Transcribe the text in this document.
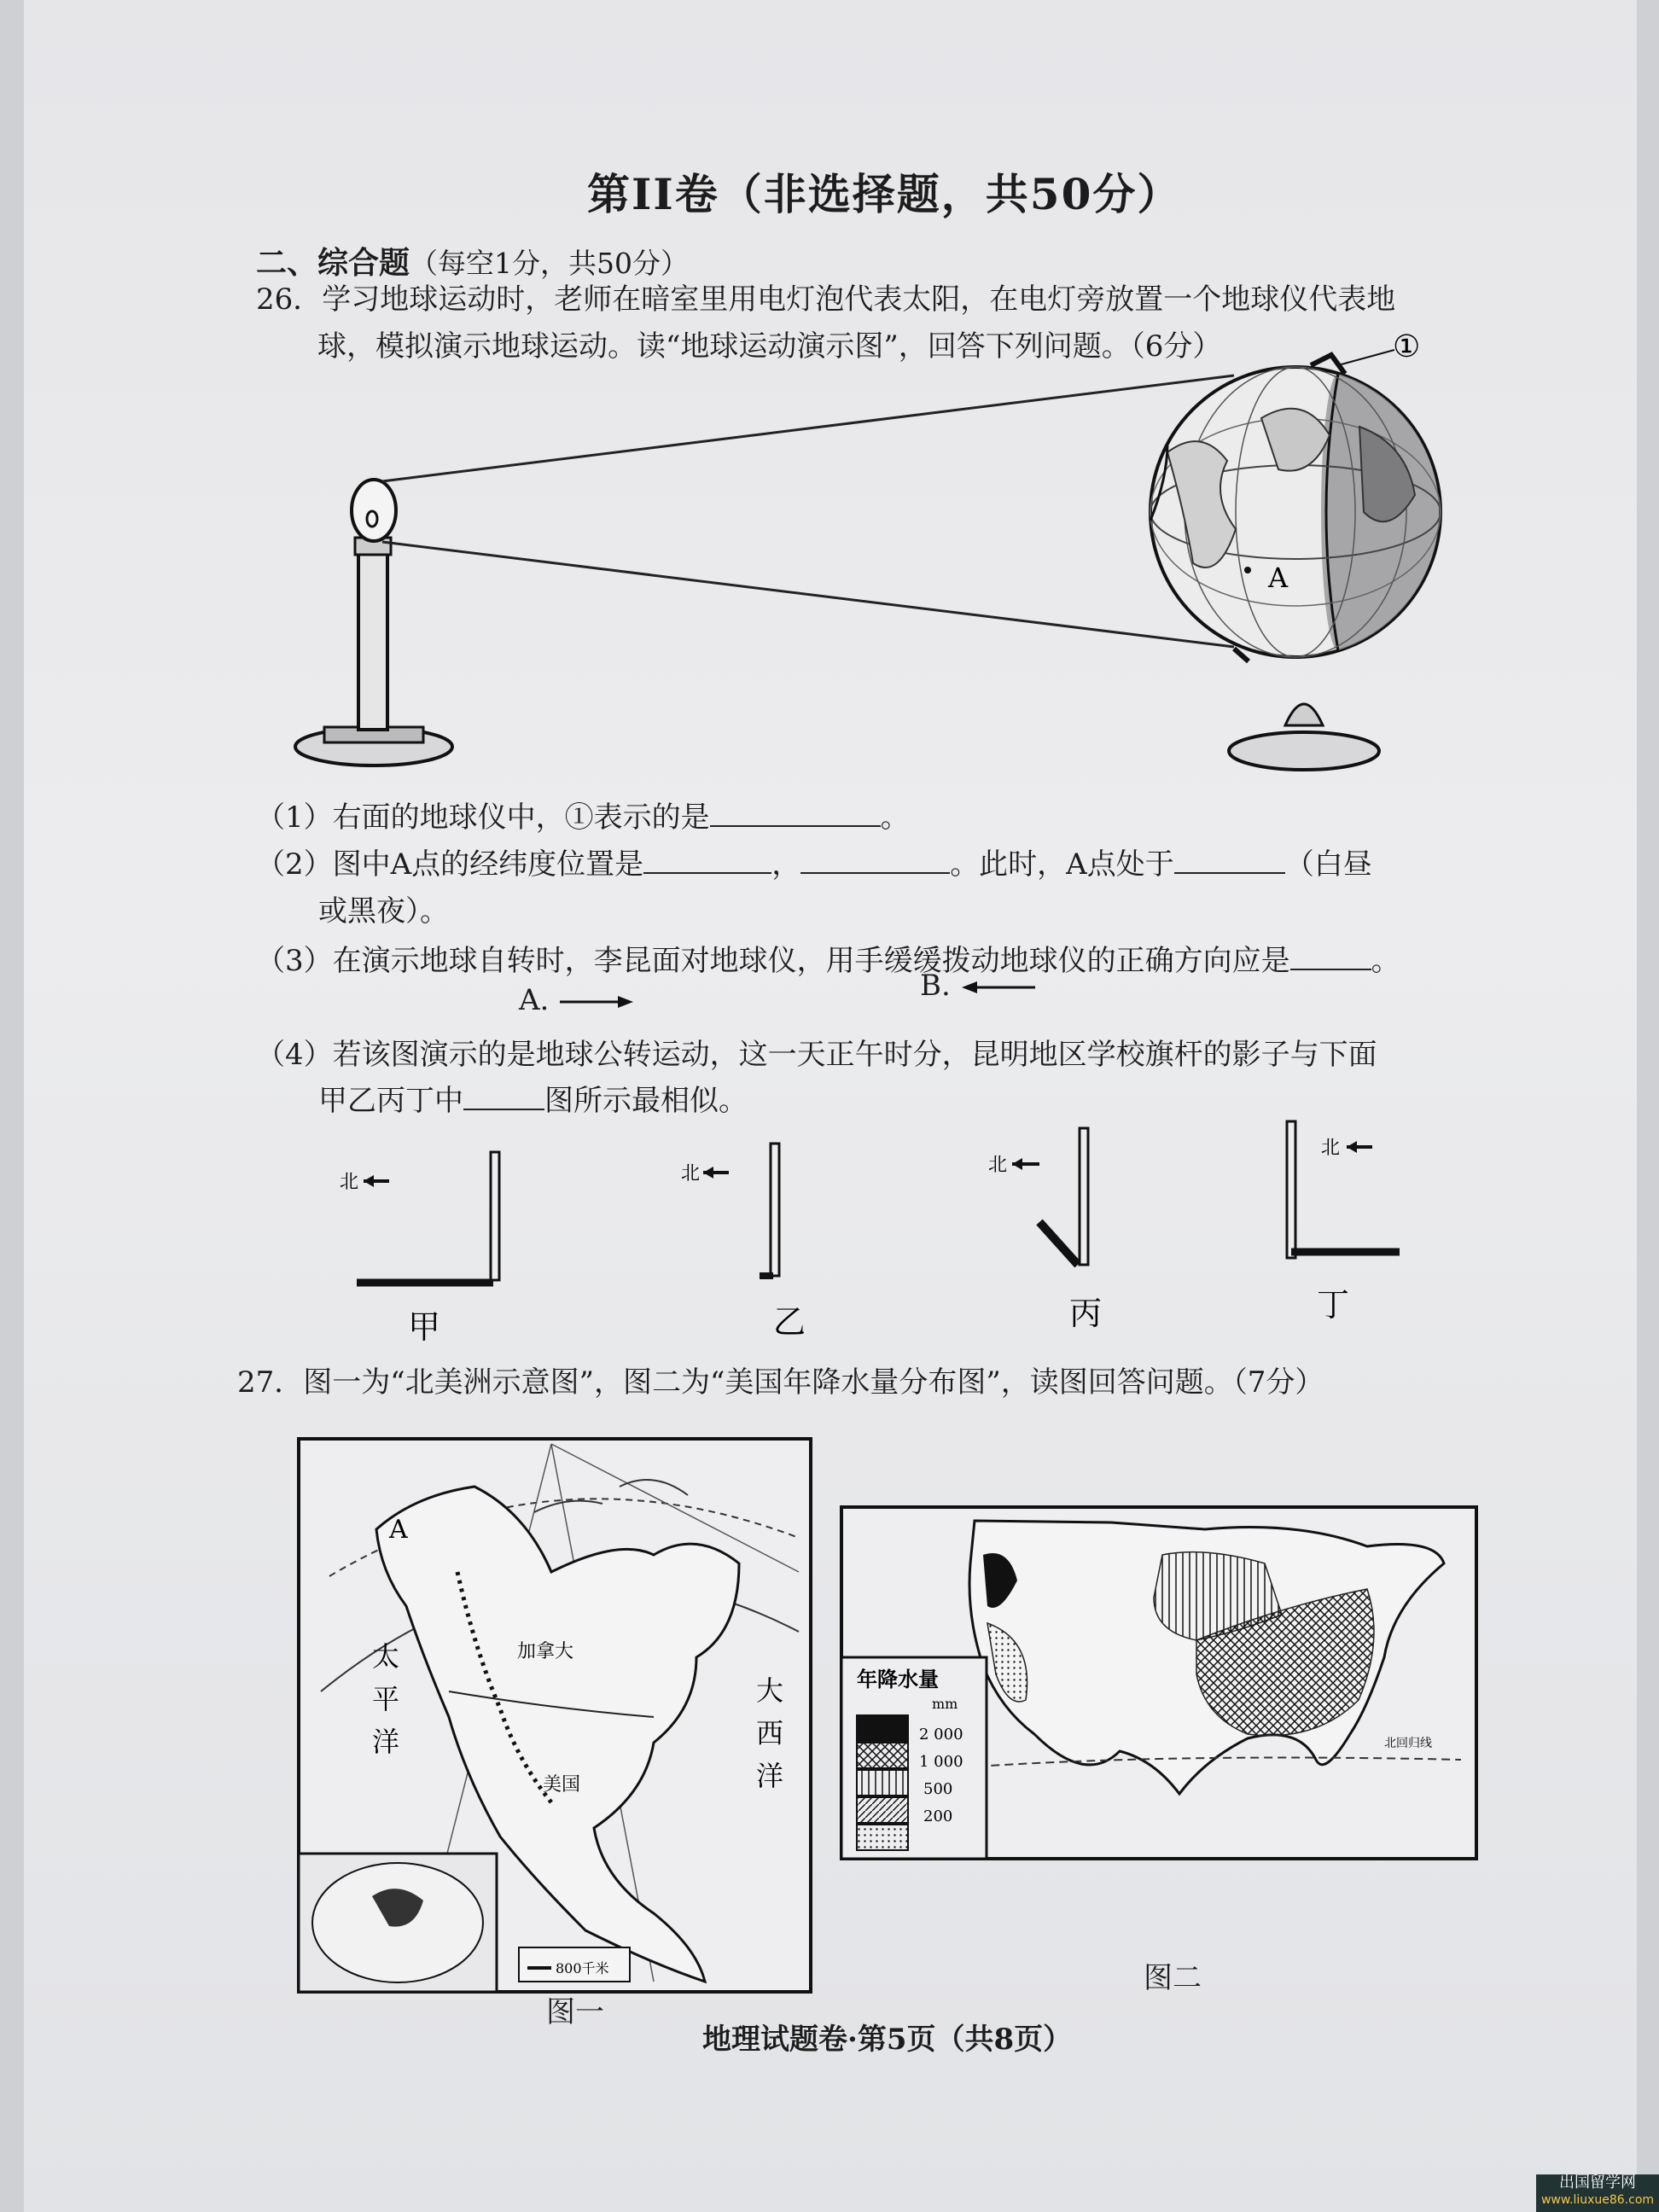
第II卷（非选择题，共50分）
二、综合题（每空1分，共50分）
26．学习地球运动时，老师在暗室里用电灯泡代表太阳，在电灯旁放置一个地球仪代表地
球，模拟演示地球运动。读“地球运动演示图”，回答下列问题。（6分）
A
①
（1）右面的地球仪中，①表示的是	。
（2）图中A点的经纬度位置是	，	。此时，A点处于	（白昼
或黑夜）。
（3）在演示地球自转时，李昆面对地球仪，用手缓缓拨动地球仪的正确方向应是	。
A.	B.
（4）若该图演示的是地球公转运动，这一天正午时分，昆明地区学校旗杆的影子与下面
甲乙丙丁中	图所示最相似。
北
甲
北
乙
北
丙
北
丁
27．图一为“北美洲示意图”，图二为“美国年降水量分布图”，读图回答问题。（7分）
A
太
平
洋
大
西
洋
加拿大
美国
800千米
图一
北回归线
年降水量
mm
2 000
1 000
500
200
图二
地理试题卷·第5页（共8页）
出国留学网
www.liuxue86.com
